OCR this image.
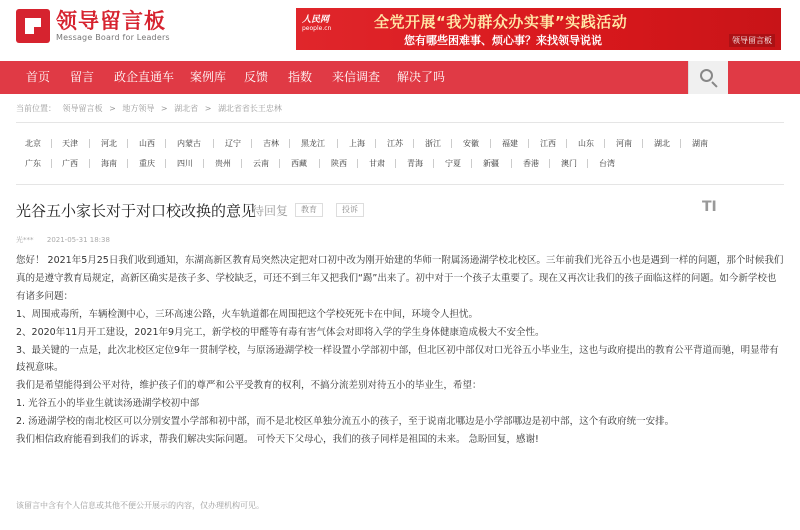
领导留言板
Message Board for Leaders
人民网
people.cn	全党开展“我为群众办实事”实践活动
您有哪些困难事、烦心事？来找领导说说	领导留言板
首页 留言 政企直通车 案例库 反馈 指数 来信调查 解决了吗
当前位置： 领导留言板 > 地方领导 > 湖北省 > 湖北省省长王忠林
北京	天津	河北	山西	内蒙古	辽宁	吉林	黑龙江	上海	江苏	浙江	安徽	福建	江西	山东	河南	湖北	湖南
广东	广西	海南	重庆	四川	贵州	云南	西藏	陕西	甘肃	青海	宁夏	新疆	香港	澳门	台湾
光谷五小家长对于对口校改换的意见
待回复	教育	投诉	TI
光*** 2021-05-31 18:38

您好！ 2021年5月25日我们收到通知，东湖高新区教育局突然决定把对口初中改为刚开始建的华师一附属汤逊湖学校北校区。三年前我们光谷五小也是遇到一样的问题，那个时候我们真的是遵守教育局规定，高新区确实是孩子多、学校缺乏，可还不到三年又把我们“踢”出来了。初中对于一个孩子太重要了。现在又再次让我们的孩子面临这样的问题。如今新学校也有诸多问题：

1、周围戒毒所，车辆检测中心，三环高速公路，火车轨道都在周围把这个学校死死卡在中间，环境令人担忧。

2、2020年11月开工建设，2021年9月完工，新学校的甲醛等有毒有害气体会对即将入学的学生身体健康造成极大不安全性。

3、最关键的一点是，此次北校区定位9年一贯制学校，与原汤逊湖学校一样设置小学部初中部，但北区初中部仅对口光谷五小毕业生，这也与政府提出的教育公平背道而驰，明显带有歧视意味。

我们是希望能得到公平对待，维护孩子们的尊严和公平受教育的权利，不搞分流差别对待五小的毕业生，希望：

1. 光谷五小的毕业生就读汤逊湖学校初中部

2. 汤逊湖学校的南北校区可以分别安置小学部和初中部，而不是北校区单独分流五小的孩子，至于说南北哪边是小学部哪边是初中部，这个有政府统一安排。

我们相信政府能看到我们的诉求，帮我们解决实际问题。 可怜天下父母心，我们的孩子同样是祖国的未来。 急盼回复，感谢!

该留言中含有个人信息或其他不便公开展示的内容，仅办理机构可见。
